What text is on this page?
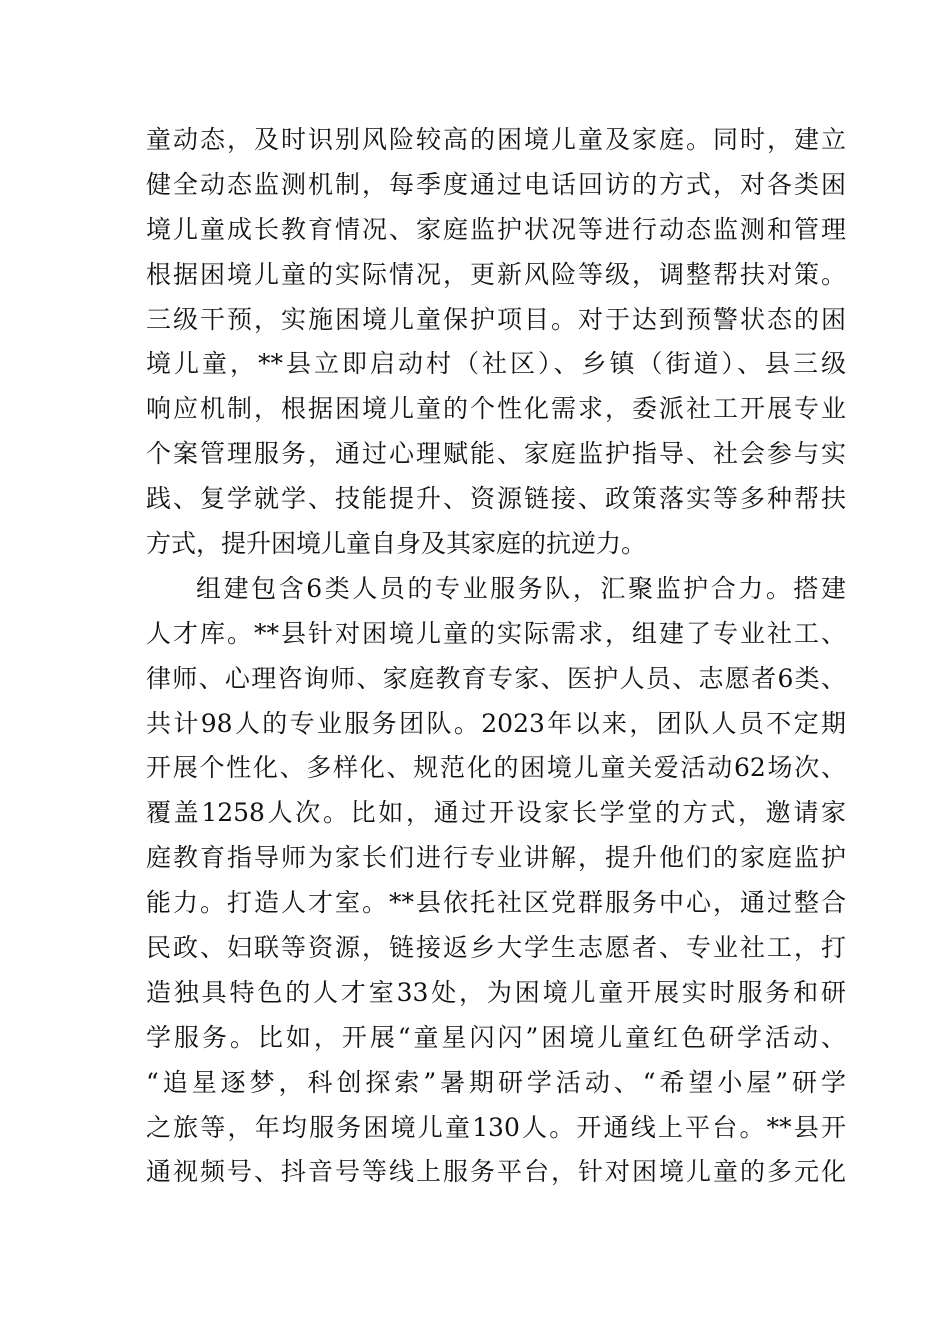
童动态，及时识别风险较高的困境儿童及家庭。同时，建立
健全动态监测机制，每季度通过电话回访的方式，对各类困
境儿童成长教育情况、家庭监护状况等进行动态监测和管理
根据困境儿童的实际情况，更新风险等级，调整帮扶对策。
三级干预，实施困境儿童保护项目。对于达到预警状态的困
境儿童，**县立即启动村（社区）、乡镇（街道）、县三级
响应机制，根据困境儿童的个性化需求，委派社工开展专业
个案管理服务，通过心理赋能、家庭监护指导、社会参与实
践、复学就学、技能提升、资源链接、政策落实等多种帮扶
方式，提升困境儿童自身及其家庭的抗逆力。
组建包含6类人员的专业服务队，汇聚监护合力。搭建
人才库。**县针对困境儿童的实际需求，组建了专业社工、
律师、心理咨询师、家庭教育专家、医护人员、志愿者6类、
共计98人的专业服务团队。2023年以来，团队人员不定期
开展个性化、多样化、规范化的困境儿童关爱活动62场次、
覆盖1258人次。比如，通过开设家长学堂的方式，邀请家
庭教育指导师为家长们进行专业讲解，提升他们的家庭监护
能力。打造人才室。**县依托社区党群服务中心，通过整合
民政、妇联等资源，链接返乡大学生志愿者、专业社工，打
造独具特色的人才室33处，为困境儿童开展实时服务和研
学服务。比如，开展“童星闪闪”困境儿童红色研学活动、
“追星逐梦，科创探索”暑期研学活动、“希望小屋”研学
之旅等，年均服务困境儿童130人。开通线上平台。**县开
通视频号、抖音号等线上服务平台，针对困境儿童的多元化
